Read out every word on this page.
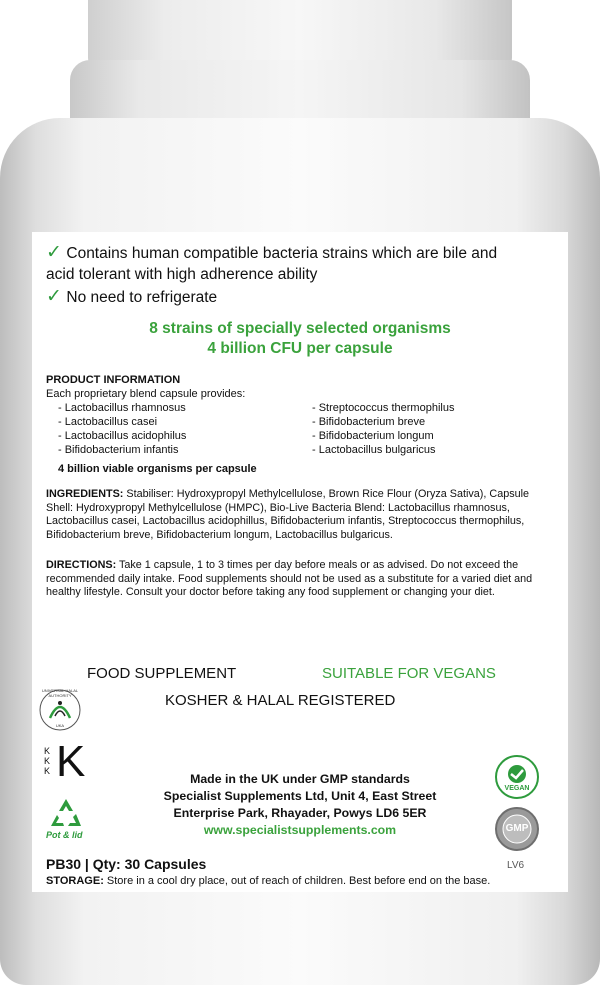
✓ Contains human compatible bacteria strains which are bile and
acid tolerant with high adherence ability
✓ No need to refrigerate
8 strains of specially selected organisms
4 billion CFU per capsule
PRODUCT INFORMATION
Each proprietary blend capsule provides:
- Lactobacillus rhamnosus
- Lactobacillus casei
- Lactobacillus acidophilus
- Bifidobacterium infantis
- Streptococcus thermophilus
- Bifidobacterium breve
- Bifidobacterium longum
- Lactobacillus bulgaricus
4 billion viable organisms per capsule
INGREDIENTS: Stabiliser: Hydroxypropyl Methylcellulose, Brown Rice Flour (Oryza Sativa), Capsule Shell: Hydroxypropyl Methylcellulose (HMPC), Bio-Live Bacteria Blend: Lactobacillus rhamnosus, Lactobacillus casei, Lactobacillus acidophillus, Bifidobacterium infantis, Streptococcus thermophilus, Bifidobacterium breve, Bifidobacterium longum, Lactobacillus bulgaricus.
DIRECTIONS: Take 1 capsule, 1 to 3 times per day before meals or as advised. Do not exceed the recommended daily intake. Food supplements should not be used as a substitute for a varied diet and healthy lifestyle. Consult your doctor before taking any food supplement or changing your diet.
FOOD SUPPLEMENT	SUITABLE FOR VEGANS
KOSHER & HALAL REGISTERED
UNIVERSAL HALAL AUTHORITY
UKA
K
K
K K
Pot & lid
Made in the UK under GMP standards
Specialist Supplements Ltd, Unit 4, East Street
Enterprise Park, Rhayader, Powys LD6 5ER
www.specialistsupplements.com
VEGAN
GMP
PB30 | Qty: 30 Capsules	LV6
STORAGE: Store in a cool dry place, out of reach of children. Best before end on the base.
